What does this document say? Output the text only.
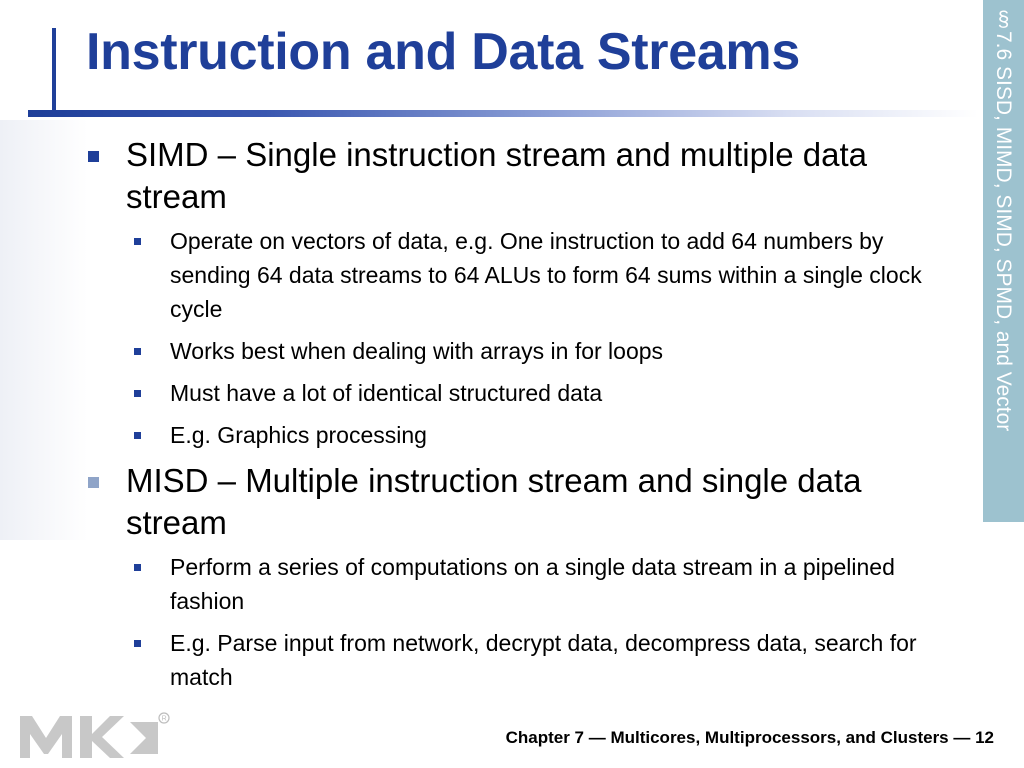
Instruction and Data Streams	§7.6 SISD, MIMD, SIMD, SPMD, and Vector
SIMD – Single instruction stream and multiple data stream
Operate on vectors of data, e.g. One instruction to add 64 numbers by sending 64 data streams to 64 ALUs to form 64 sums within a single clock cycle
Works best when dealing with arrays in for loops
Must have a lot of identical structured data
E.g. Graphics processing
MISD – Multiple instruction stream and single data stream
Perform a series of computations on a single data stream in a pipelined fashion
E.g. Parse input from network, decrypt data, decompress data, search for match
R
Chapter 7 — Multicores, Multiprocessors, and Clusters — 12
